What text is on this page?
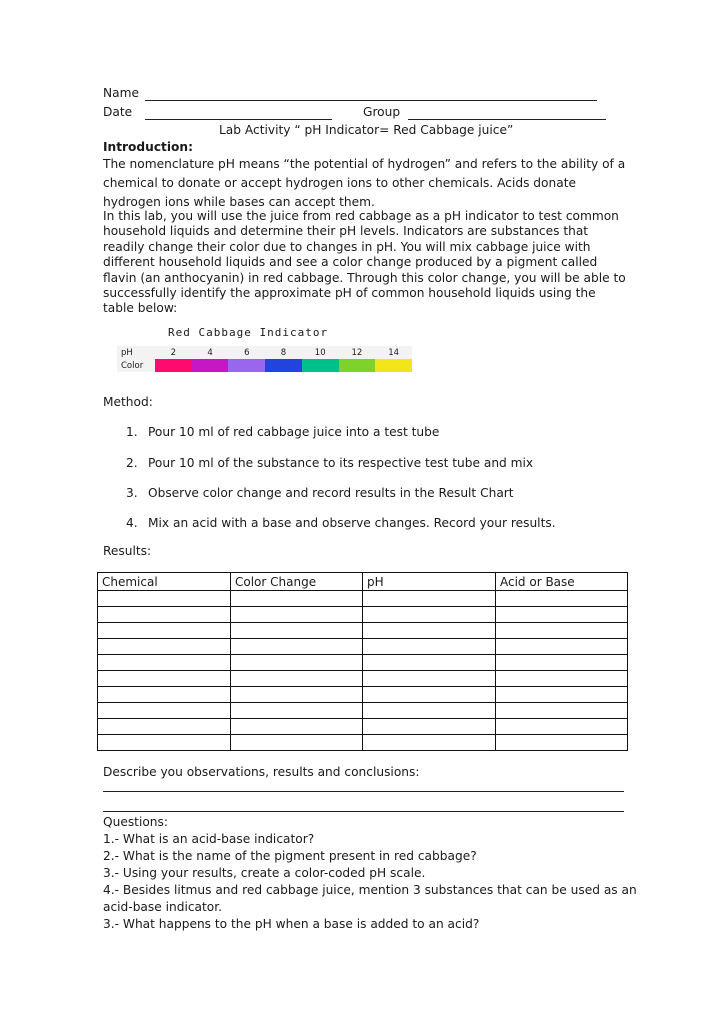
Name
Date	Group
Lab Activity “ pH Indicator= Red Cabbage juice”
Introduction:
The nomenclature pH means “the potential of hydrogen” and refers to the ability of a chemical to donate or accept hydrogen ions to other chemicals. Acids donate hydrogen ions while bases can accept them.
In this lab, you will use the juice from red cabbage as a pH indicator to test common household liquids and determine their pH levels. Indicators are substances that readily change their color due to changes in pH. You will mix cabbage juice with different household liquids and see a color change produced by a pigment called flavin (an anthocyanin) in red cabbage. Through this color change, you will be able to successfully identify the approximate pH of common household liquids using the table below:
Red Cabbage Indicator
pH	2	4	6	8	10	12	14
Color
Method:
1. Pour 10 ml of red cabbage juice into a test tube
2. Pour 10 ml of the substance to its respective test tube and mix
3. Observe color change and record results in the Result Chart
4. Mix an acid with a base and observe changes. Record your results.
Results:
Chemical	Color Change	pH	Acid or Base

Describe you observations, results and conclusions:
Questions:
1.- What is an acid-base indicator?
2.- What is the name of the pigment present in red cabbage?
3.- Using your results, create a color-coded pH scale.
4.- Besides litmus and red cabbage juice, mention 3 substances that can be used as an
acid-base indicator.
3.- What happens to the pH when a base is added to an acid?
